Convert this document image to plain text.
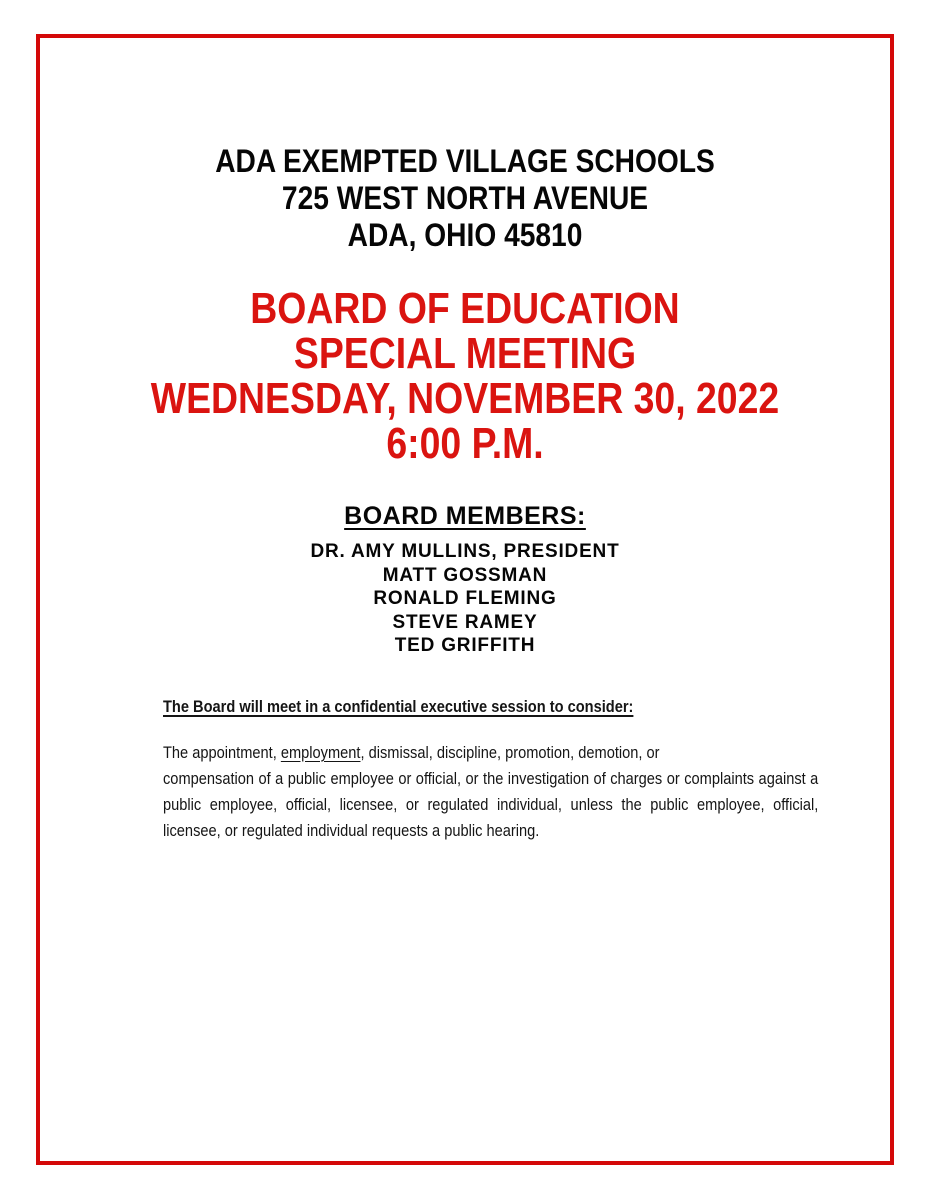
ADA EXEMPTED VILLAGE SCHOOLS
725 WEST NORTH AVENUE
ADA, OHIO 45810
BOARD OF EDUCATION
SPECIAL MEETING
WEDNESDAY, NOVEMBER 30, 2022
6:00 P.M.
BOARD MEMBERS:
DR. AMY MULLINS, PRESIDENT
MATT GOSSMAN
RONALD FLEMING
STEVE RAMEY
TED GRIFFITH
The Board will meet in a confidential executive session to consider:
The appointment, employment, dismissal, discipline, promotion, demotion, or
compensation of a public employee or official, or the investigation of charges or complaints against a public employee, official, licensee, or regulated individual, unless the public employee, official, licensee, or regulated individual requests a public hearing.
